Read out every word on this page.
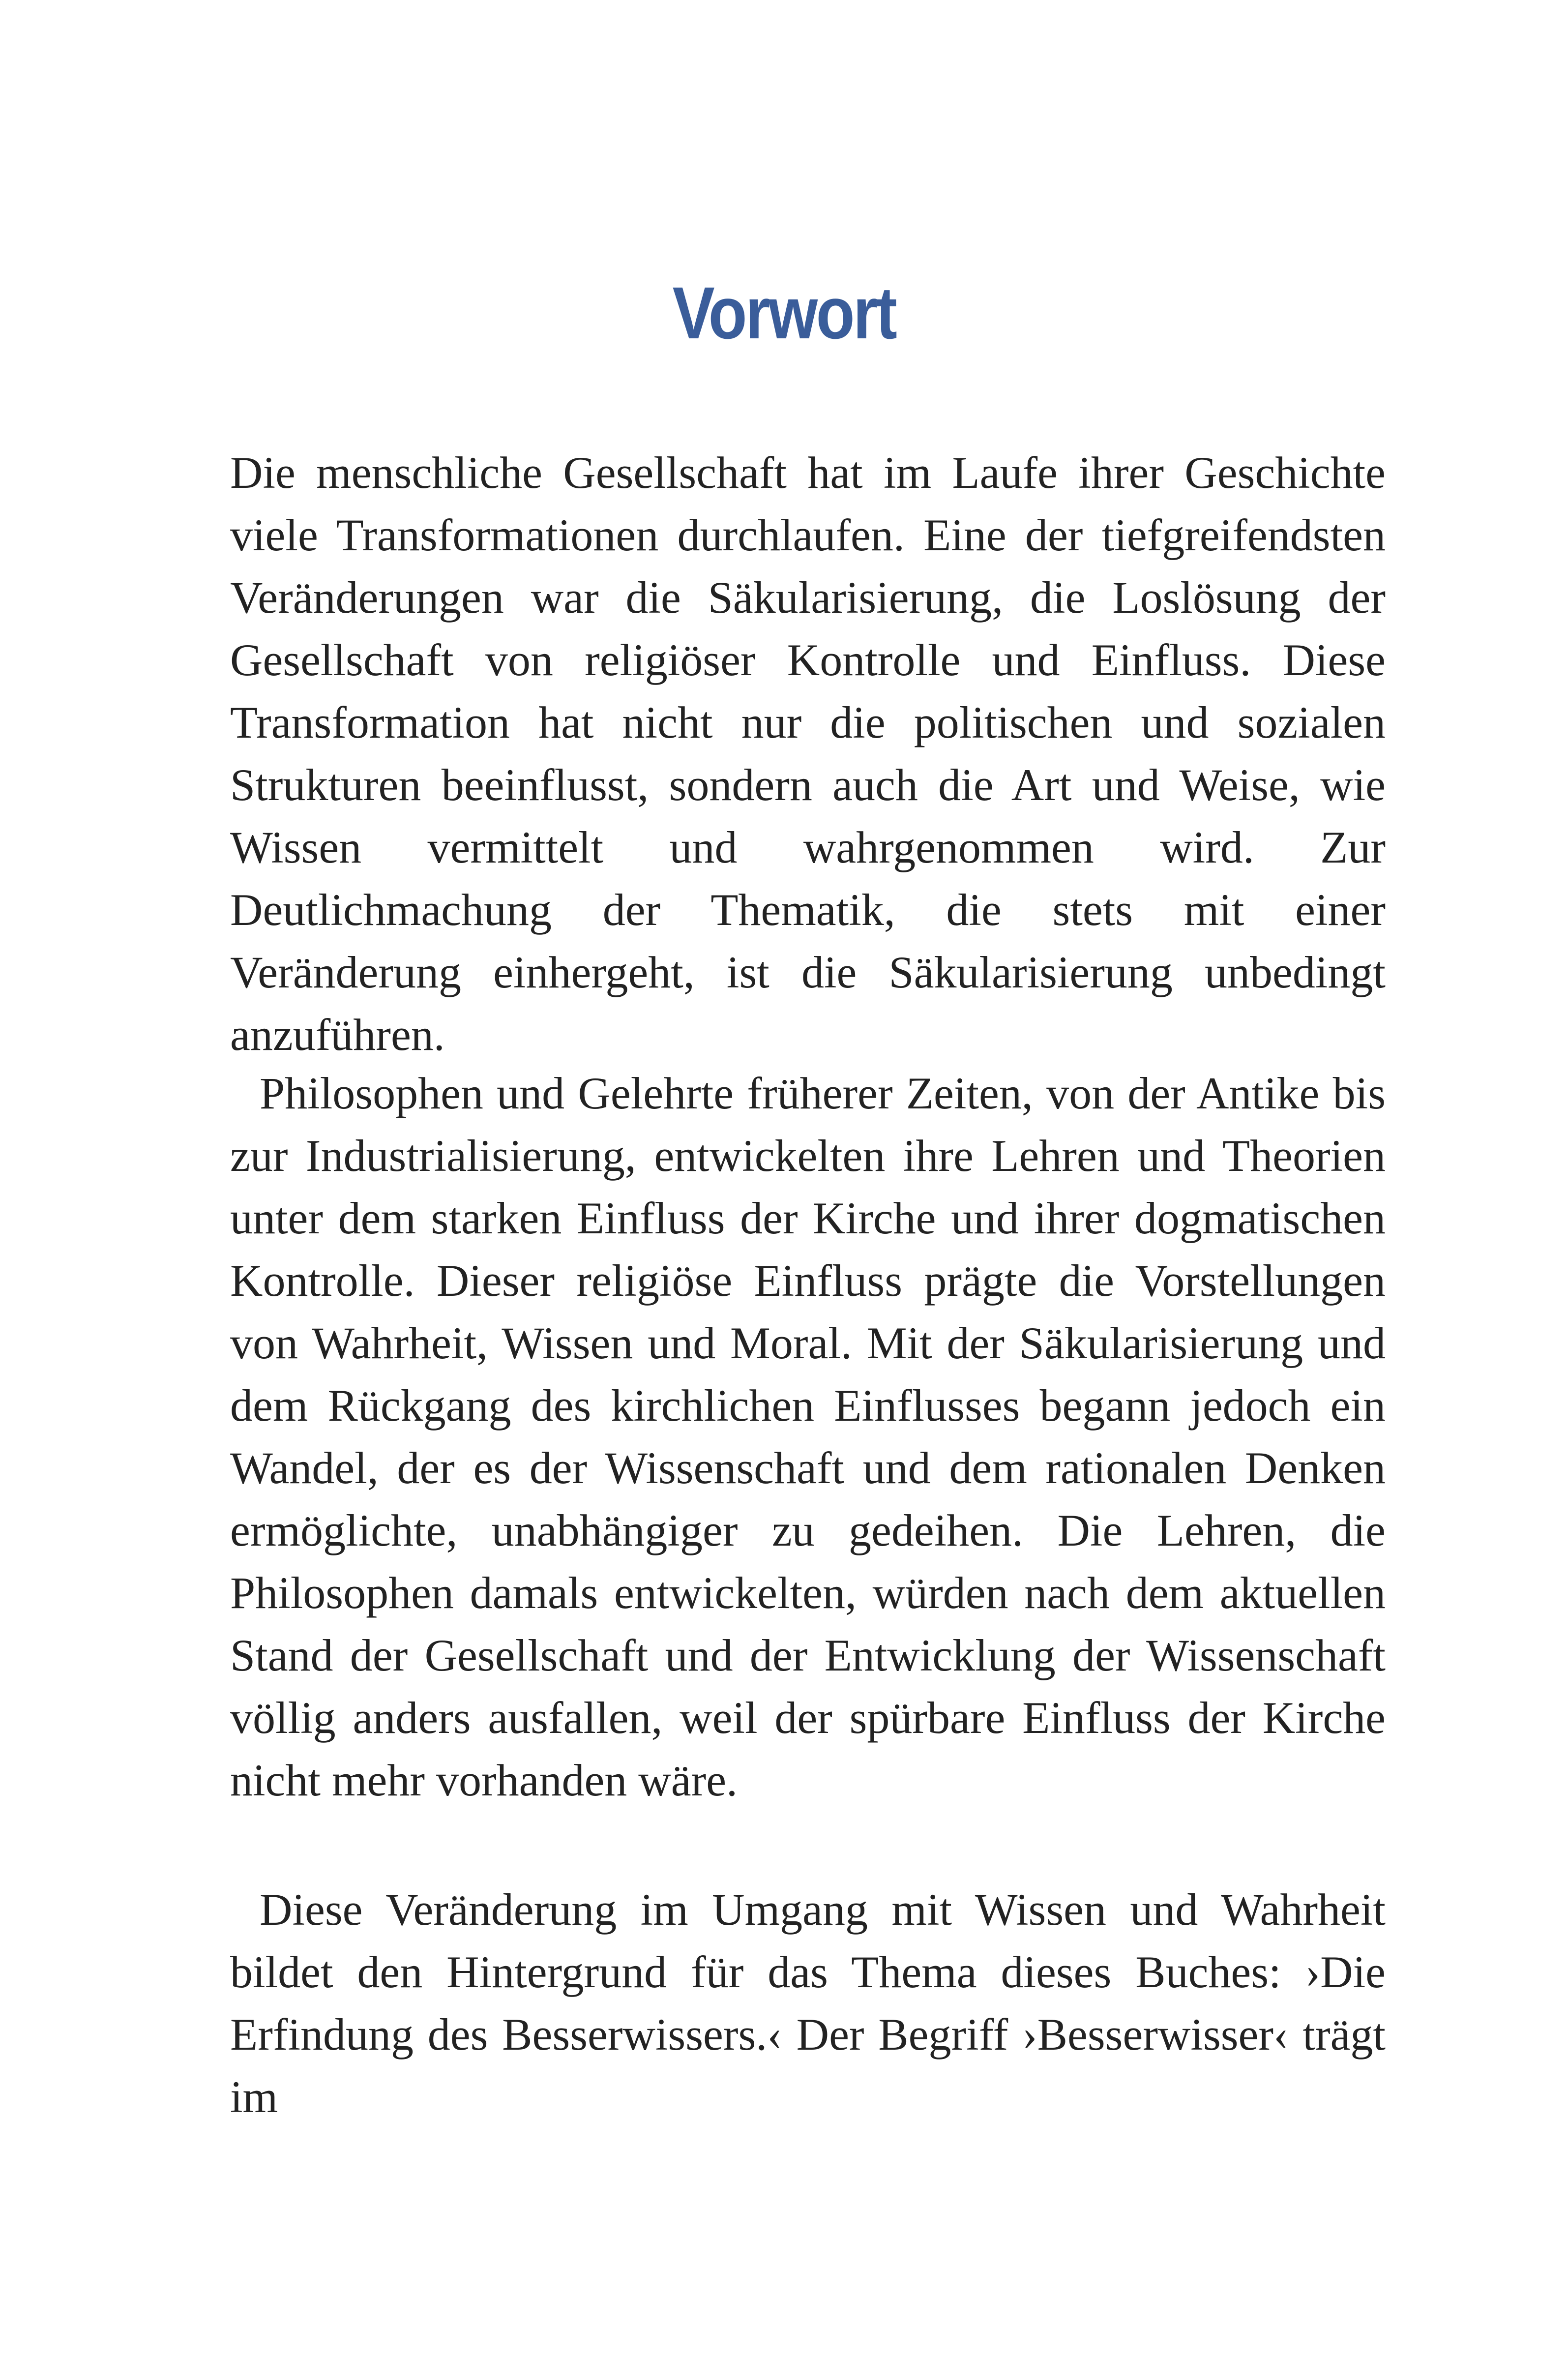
Vorwort

Die menschliche Gesellschaft hat im Laufe ihrer Geschichte viele Transformationen durchlaufen. Eine der tiefgreifendsten Veränderungen war die Säkularisierung, die Loslösung der Gesellschaft von religiöser Kontrolle und Einfluss. Diese Transformation hat nicht nur die politischen und sozialen Strukturen beeinflusst, sondern auch die Art und Weise, wie Wissen vermittelt und wahrgenommen wird. Zur Deutlichmachung der Thematik, die stets mit einer Veränderung einhergeht, ist die Säkularisierung unbedingt anzuführen.

Philosophen und Gelehrte früherer Zeiten, von der Antike bis zur Industrialisierung, entwickelten ihre Lehren und Theorien unter dem starken Einfluss der Kirche und ihrer dogmatischen Kontrolle. Dieser religiöse Einfluss prägte die Vorstellungen von Wahrheit, Wissen und Moral. Mit der Säkularisierung und dem Rückgang des kirchlichen Einflusses begann jedoch ein Wandel, der es der Wissenschaft und dem rationalen Denken ermöglichte, unabhängiger zu gedeihen. Die Lehren, die Philosophen damals entwickelten, würden nach dem aktuellen Stand der Gesellschaft und der Entwicklung der Wissenschaft völlig anders ausfallen, weil der spürbare Einfluss der Kirche nicht mehr vorhanden wäre.

Diese Veränderung im Umgang mit Wissen und Wahrheit bildet den Hintergrund für das Thema dieses Buches: ›Die Erfindung des Besserwissers.‹ Der Begriff ›Besserwisser‹ trägt im
